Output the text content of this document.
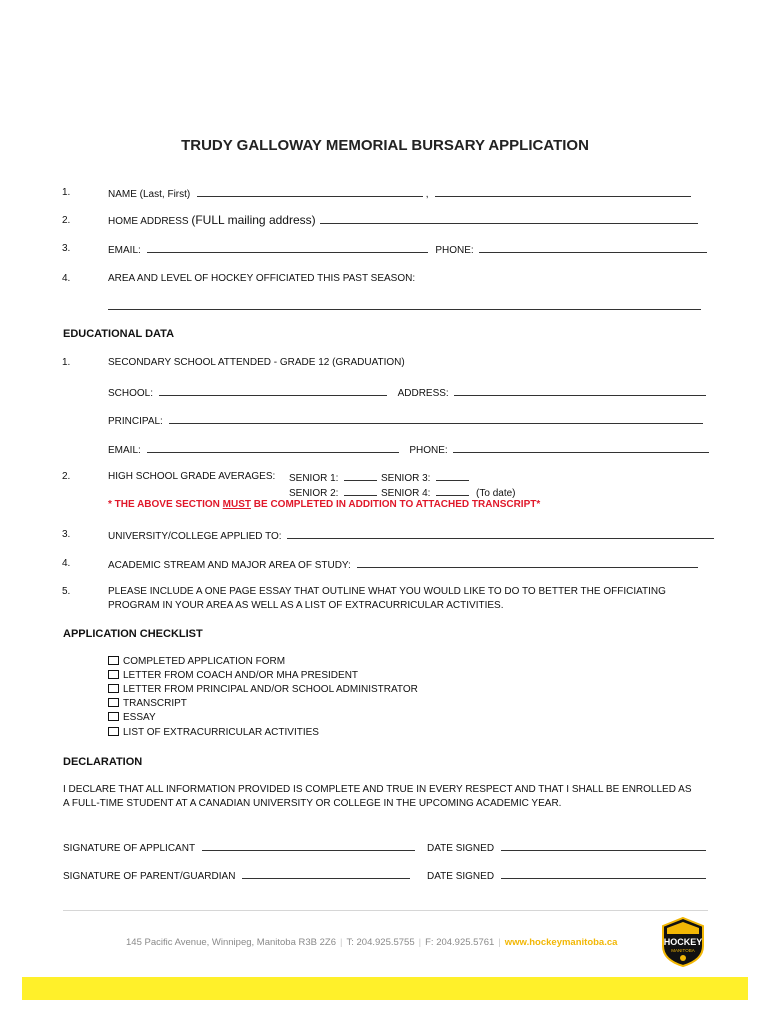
TRUDY GALLOWAY MEMORIAL BURSARY APPLICATION
1.	NAME (Last, First)	,
2.	HOME ADDRESS (FULL mailing address)
3.	EMAIL:	PHONE:
4.	AREA AND LEVEL OF HOCKEY OFFICIATED THIS PAST SEASON:
EDUCATIONAL DATA
1.	SECONDARY SCHOOL ATTENDED - GRADE 12 (GRADUATION)
SCHOOL:	ADDRESS:
PRINCIPAL:
EMAIL:	PHONE:
2.	HIGH SCHOOL GRADE AVERAGES: SENIOR 1:	SENIOR 3:
SENIOR 2:	SENIOR 4:	(To date)
* THE ABOVE SECTION MUST BE COMPLETED IN ADDITION TO ATTACHED TRANSCRIPT*
3.	UNIVERSITY/COLLEGE APPLIED TO:
4.	ACADEMIC STREAM AND MAJOR AREA OF STUDY:
5.	PLEASE INCLUDE A ONE PAGE ESSAY THAT OUTLINE WHAT YOU WOULD LIKE TO DO TO BETTER THE OFFICIATING
PROGRAM IN YOUR AREA AS WELL AS A LIST OF EXTRACURRICULAR ACTIVITIES.
APPLICATION CHECKLIST
COMPLETED APPLICATION FORM
LETTER FROM COACH AND/OR MHA PRESIDENT
LETTER FROM PRINCIPAL AND/OR SCHOOL ADMINISTRATOR
TRANSCRIPT
ESSAY
LIST OF EXTRACURRICULAR ACTIVITIES
DECLARATION
I DECLARE THAT ALL INFORMATION PROVIDED IS COMPLETE AND TRUE IN EVERY RESPECT AND THAT I SHALL BE ENROLLED AS
A FULL-TIME STUDENT AT A CANADIAN UNIVERSITY OR COLLEGE IN THE UPCOMING ACADEMIC YEAR.
SIGNATURE OF APPLICANT	DATE SIGNED
SIGNATURE OF PARENT/GUARDIAN	DATE SIGNED
145 Pacific Avenue, Winnipeg, Manitoba R3B 2Z6 | T: 204.925.5755 | F: 204.925.5761 | www.hockeymanitoba.ca	HOCKEY
MANITOBA
